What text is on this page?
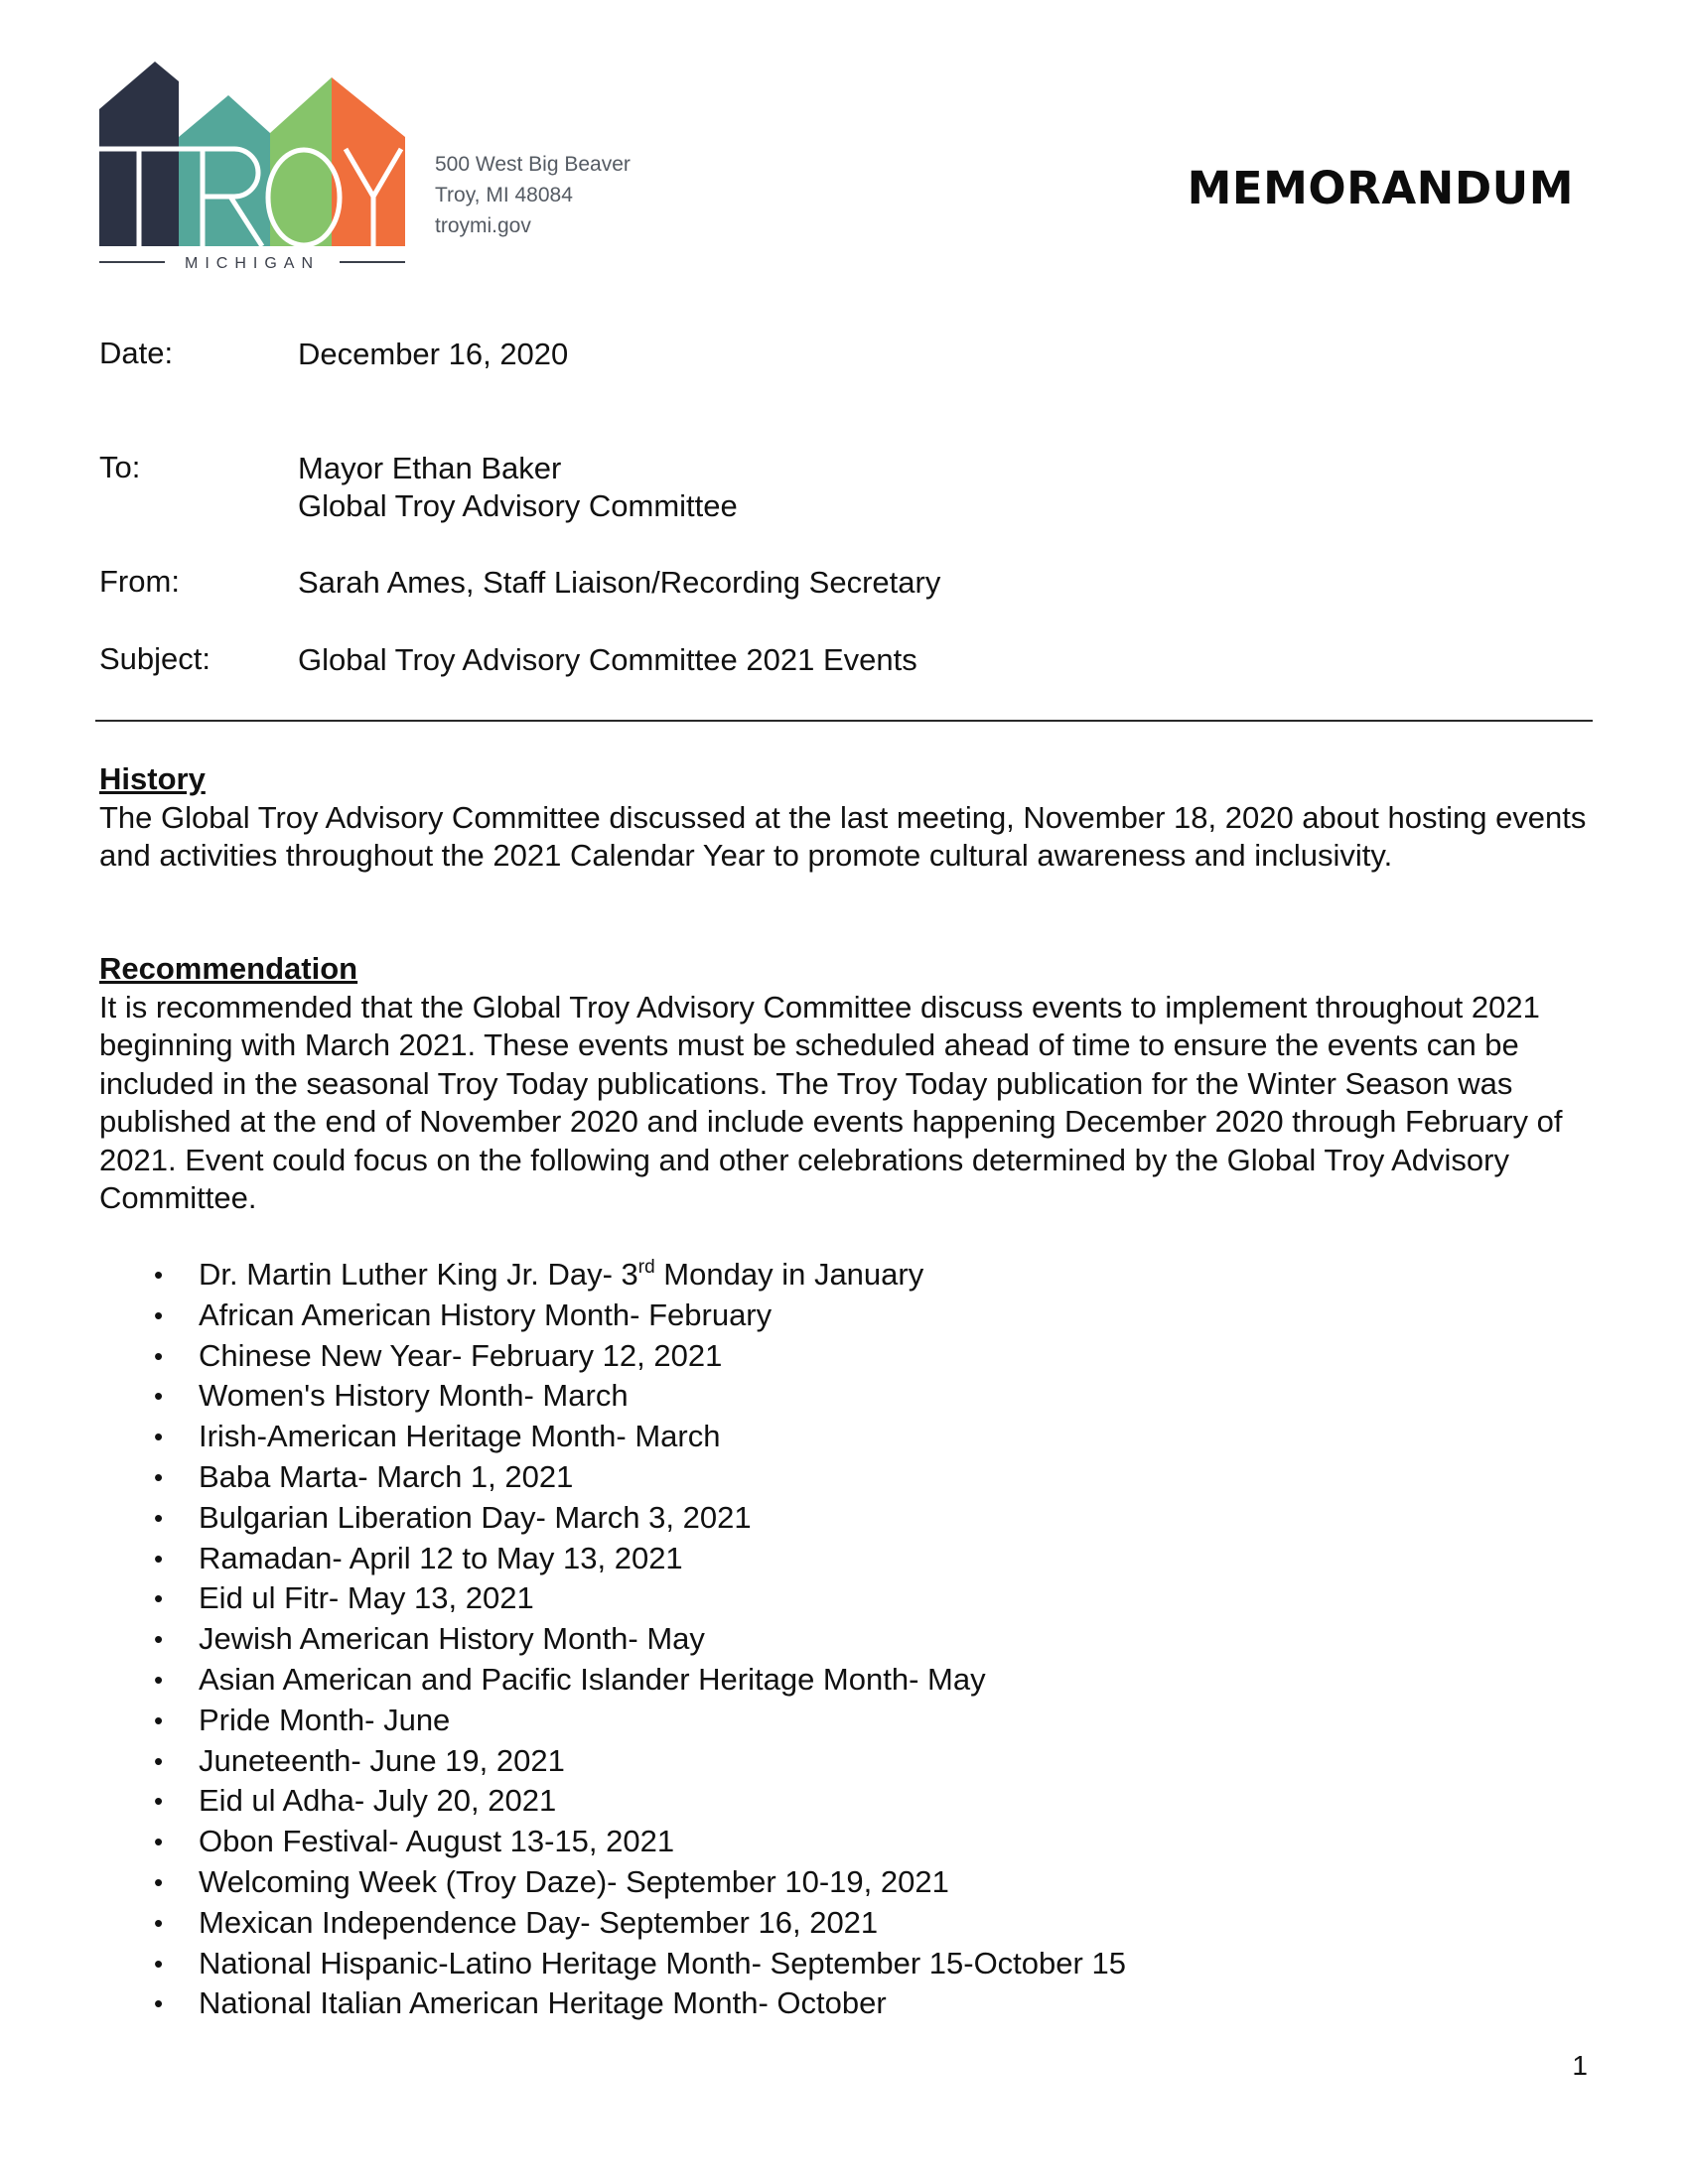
MICHIGAN
500 West Big Beaver
Troy, MI 48084
troymi.gov
MEMORANDUM
Date:	December 16, 2020
To:	Mayor Ethan Baker
Global Troy Advisory Committee
From:	Sarah Ames, Staff Liaison/Recording Secretary
Subject:	Global Troy Advisory Committee 2021 Events
History

The Global Troy Advisory Committee discussed at the last meeting, November 18, 2020 about hosting events and activities throughout the 2021 Calendar Year to promote cultural awareness and inclusivity.

Recommendation

It is recommended that the Global Troy Advisory Committee discuss events to implement throughout 2021 beginning with March 2021. These events must be scheduled ahead of time to ensure the events can be included in the seasonal Troy Today publications. The Troy Today publication for the Winter Season was published at the end of November 2020 and include events happening December 2020 through February of 2021. Event could focus on the following and other celebrations determined by the Global Troy Advisory Committee.

• Dr. Martin Luther King Jr. Day- 3rd Monday in January
• African American History Month- February
• Chinese New Year- February 12, 2021
• Women's History Month- March
• Irish-American Heritage Month- March
• Baba Marta- March 1, 2021
• Bulgarian Liberation Day- March 3, 2021
• Ramadan- April 12 to May 13, 2021
• Eid ul Fitr- May 13, 2021
• Jewish American History Month- May
• Asian American and Pacific Islander Heritage Month- May
• Pride Month- June
• Juneteenth- June 19, 2021
• Eid ul Adha- July 20, 2021
• Obon Festival- August 13-15, 2021
• Welcoming Week (Troy Daze)- September 10-19, 2021
• Mexican Independence Day- September 16, 2021
• National Hispanic-Latino Heritage Month- September 15-October 15
• National Italian American Heritage Month- October
1
